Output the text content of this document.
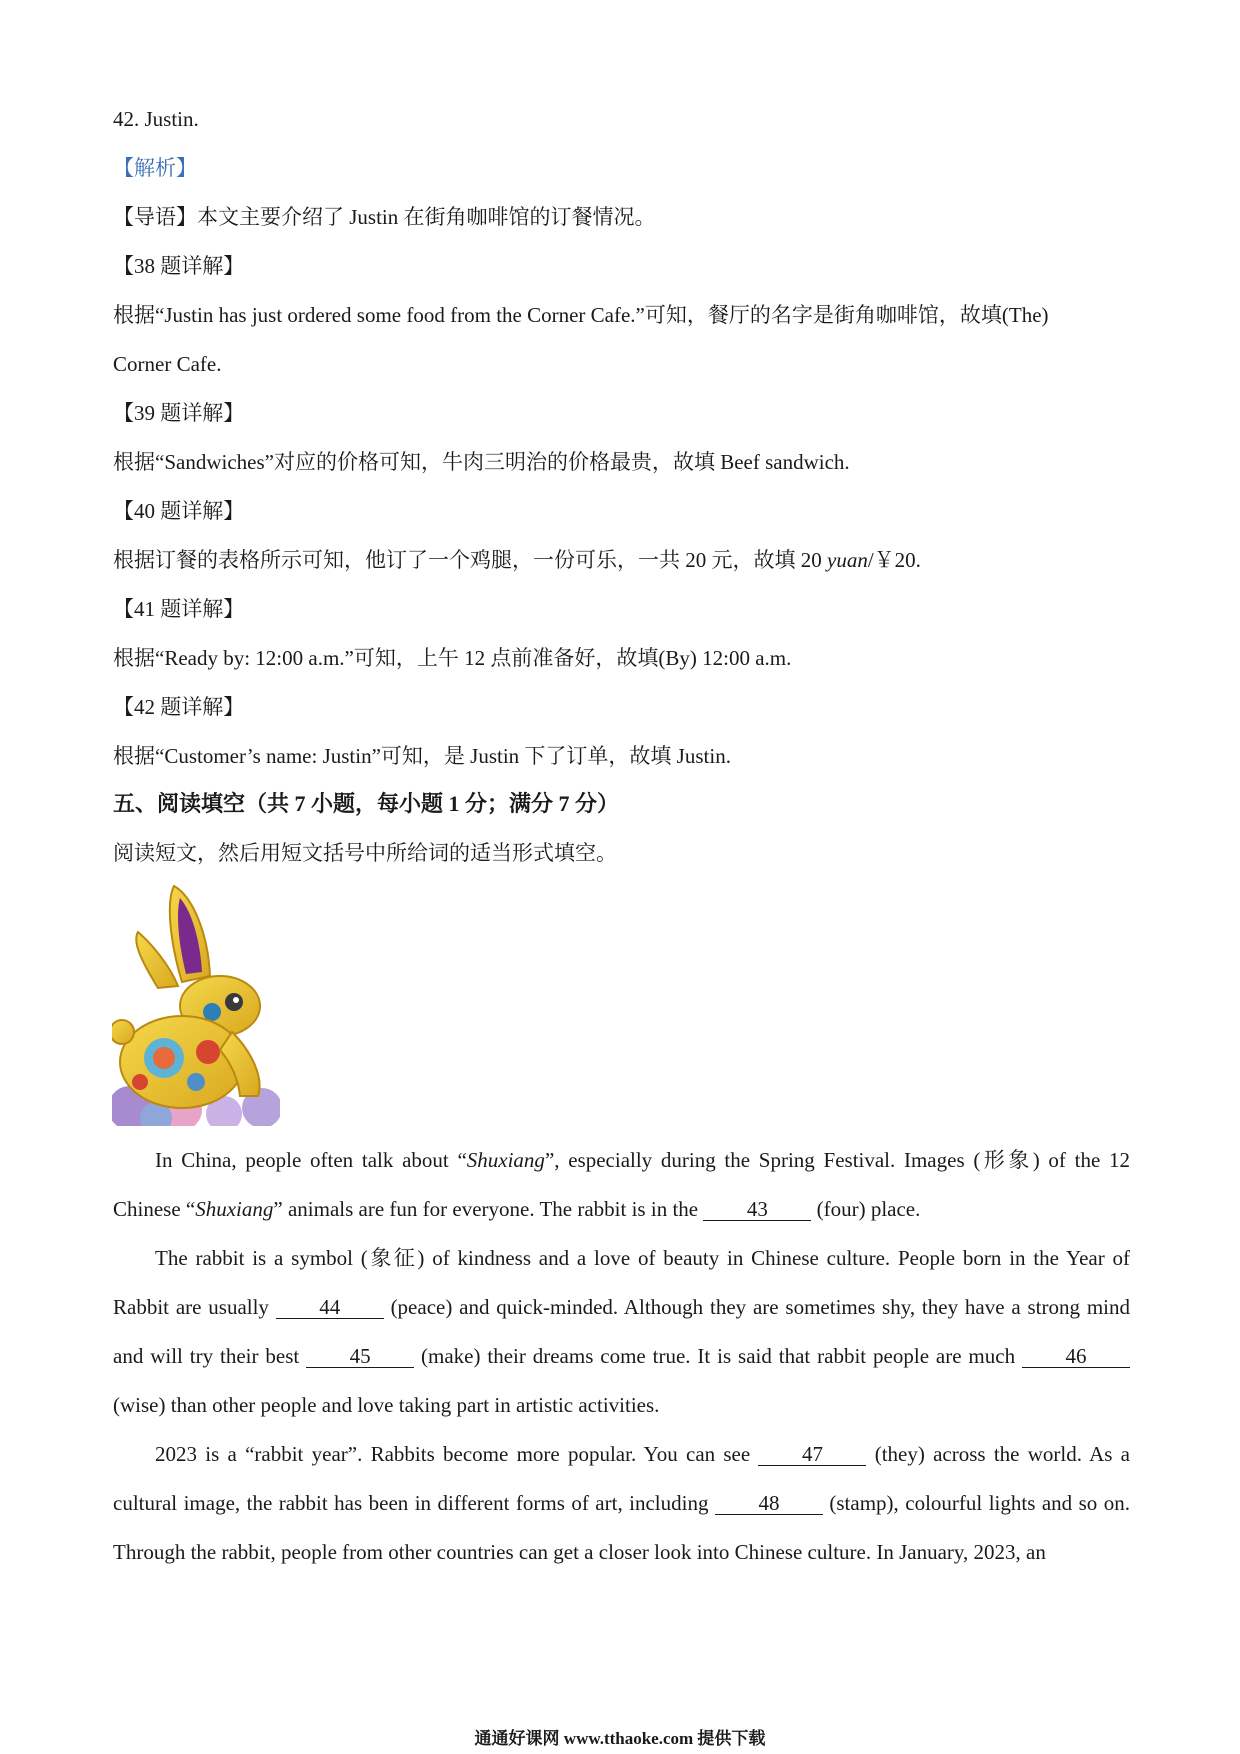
42. Justin.
【解析】
【导语】本文主要介绍了 Justin 在街角咖啡馆的订餐情况。
【38 题详解】
根据“Justin has just ordered some food from the Corner Cafe.”可知，餐厅的名字是街角咖啡馆，故填(The)
Corner Cafe.
【39 题详解】
根据“Sandwiches”对应的价格可知，牛肉三明治的价格最贵，故填 Beef sandwich.
【40 题详解】
根据订餐的表格所示可知，他订了一个鸡腿，一份可乐，一共 20 元，故填 20 yuan/￥20.
【41 题详解】
根据“Ready by: 12:00 a.m.”可知，上午 12 点前准备好，故填(By) 12:00 a.m.
【42 题详解】
根据“Customer’s name: Justin”可知，是 Justin 下了订单，故填 Justin.
五、阅读填空（共 7 小题，每小题 1 分；满分 7 分）
阅读短文，然后用短文括号中所给词的适当形式填空。

In China, people often talk about “Shuxiang”, especially during the Spring Festival. Images (形象) of the 12 Chinese “Shuxiang” animals are fun for everyone. The rabbit is in the 43 (four) place.

The rabbit is a symbol (象征) of kindness and a love of beauty in Chinese culture. People born in the Year of Rabbit are usually 44 (peace) and quick-minded. Although they are sometimes shy, they have a strong mind and will try their best 45 (make) their dreams come true. It is said that rabbit people are much 46 (wise) than other people and love taking part in artistic activities.

2023 is a “rabbit year”. Rabbits become more popular. You can see 47 (they) across the world. As a cultural image, the rabbit has been in different forms of art, including 48 (stamp), colourful lights and so on. Through the rabbit, people from other countries can get a closer look into Chinese culture. In January, 2023, an

通通好课网 www.tthaoke.com 提供下载
